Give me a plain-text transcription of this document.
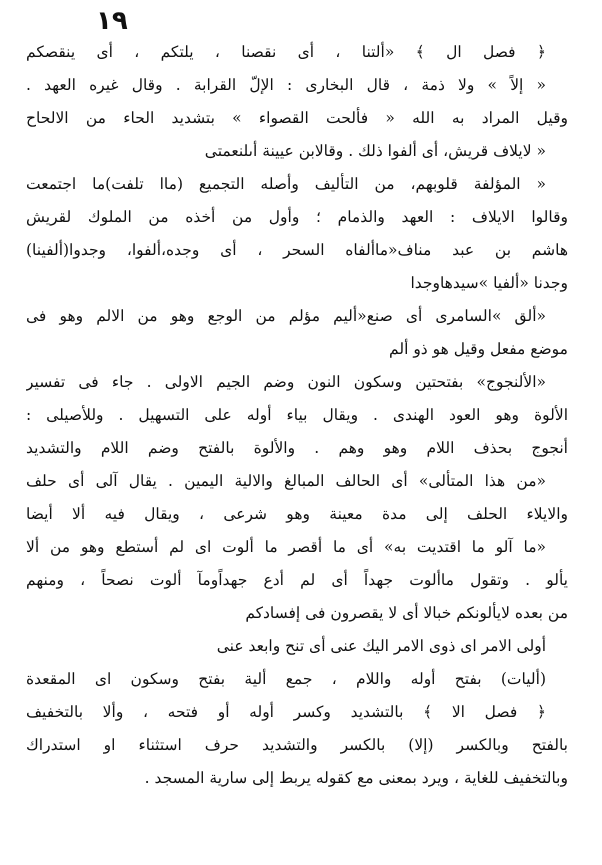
١٩
﴿ فصل ال ﴾ «ألتنا ، أى نقصنا ، يلتكم ، أى ينقصكم
« إلاً » ولا ذمة ، قال البخارى : الإلّ القرابة . وقال غيره العهد .
وقيل المراد به الله « فألحت القصواء » بتشديد الحاء من الالحاح
« لايلاف قريش، أى ألفوا ذلك . وقالابن عيينة أىلنعمتى
« المؤلفة قلوبهم، من التأليف وأصله التجميع (ماا تلفت)ما اجتمعت
وقالوا الايلاف : العهد والذمام ؛ وأول من أخذه من الملوك لقريش
هاشم بن عبد مناف«ماألفاه السحر ، أى وجده،ألفوا، وجدوا(ألفينا)
وجدنا «ألفيا »سيدهاوجدا
«ألق »السامرى أى صنع«أليم مؤلم من الوجع وهو من الالم وهو فى
موضع مفعل وقيل هو ذو ألم
«الألنجوج» بفتحتين وسكون النون وضم الجيم الاولى . جاء فى تفسير
الألوة وهو العود الهندى . ويقال بياء أوله على التسهيل . وللأصيلى :
أنجوج بحذف اللام وهو وهم . والألوة بالفتح وضم اللام والتشديد
«من هذا المتألى» أى الحالف المبالغ والالية اليمين . يقال آلى أى حلف
والايلاء الحلف إلى مدة معينة وهو شرعى ، ويقال فيه ألا أيضا
«ما آلو ما اقتديت به» أى ما أقصر ما ألوت اى لم أستطع وهو من ألا
يألو . وتقول ماألوت جهداً أى لم أدع جهداًومآ ألوت نصحاً ، ومنهم
من بعده لايألونكم خبالا أى لا يقصرون فى إفسادكم
أولى الامر اى ذوى الامر اليك عنى أى تنح وابعد عنى
(أليات) بفتح أوله واللام ، جمع ألية بفتح وسكون اى المقعدة
﴿ فصل الا ﴾ بالتشديد وكسر أوله أو فتحه ، وألا بالتخفيف
بالفتح وبالكسر (إلا) بالكسر والتشديد حرف استثناء او استدراك
وبالتخفيف للغاية ، ويرد بمعنى مع كقوله يربط إلى سارية المسجد .
